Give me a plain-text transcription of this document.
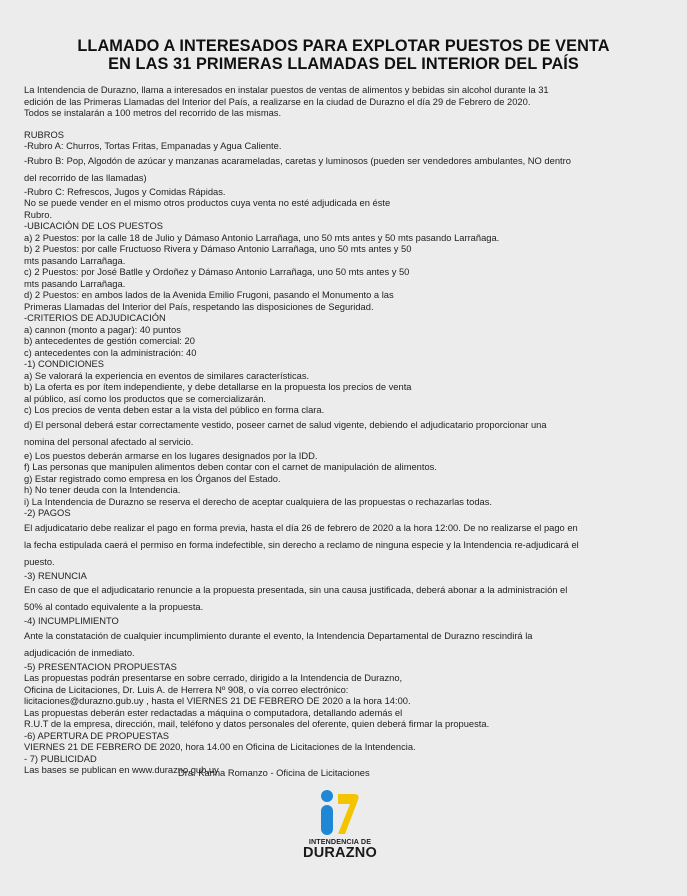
LLAMADO A INTERESADOS PARA EXPLOTAR PUESTOS DE VENTA
EN LAS 31 PRIMERAS LLAMADAS DEL INTERIOR DEL PAÍS
La Intendencia de Durazno, llama a interesados en instalar puestos de ventas de alimentos y bebidas sin alcohol durante la 31
edición de las Primeras Llamadas del Interior del País, a realizarse en la ciudad de Durazno el día 29 de Febrero de 2020.
Todos se instalarán a 100 metros del recorrido de las mismas.
RUBROS
-Rubro A: Churros, Tortas Fritas, Empanadas y Agua Caliente.
-Rubro B: Pop, Algodón de azúcar y manzanas acarameladas, caretas y luminosos (pueden ser vendedores ambulantes, NO dentro
del recorrido de las llamadas)
-Rubro C: Refrescos, Jugos y Comidas Rápidas.
No se puede vender en el mismo otros productos cuya venta no esté adjudicada en éste
Rubro.
-UBICACIÓN DE LOS PUESTOS
a) 2 Puestos: por la calle 18 de Julio y Dámaso Antonio Larrañaga, uno 50 mts antes y 50 mts pasando Larrañaga.
b) 2 Puestos: por calle Fructuoso Rivera y Dámaso Antonio Larrañaga, uno 50 mts antes y 50
mts pasando Larrañaga.
c) 2 Puestos: por José Batlle y Ordoñez y Dámaso Antonio Larrañaga, uno 50 mts antes y 50
mts pasando Larrañaga.
d) 2 Puestos: en ambos lados de la Avenida Emilio Frugoni, pasando el Monumento a las
Primeras Llamadas del Interior del País, respetando las disposiciones de Seguridad.
-CRITERIOS DE ADJUDICACIÓN
a) cannon (monto a pagar): 40 puntos
b) antecedentes de gestión comercial: 20
c) antecedentes con la administración: 40
-1) CONDICIONES
a) Se valorará la experiencia en eventos de similares características.
b) La oferta es por ítem independiente, y debe detallarse en la propuesta los precios de venta
al público, así como los productos que se comercializarán.
c) Los precios de venta deben estar a la vista del público en forma clara.
d) El personal deberá estar correctamente vestido, poseer carnet de salud vigente, debiendo el adjudicatario proporcionar una
nomina del personal afectado al servicio.
e) Los puestos deberán armarse en los lugares designados por la IDD.
f) Las personas que manipulen alimentos deben contar con el carnet de manipulación de alimentos.
g) Estar registrado como empresa en los Órganos del Estado.
h) No tener deuda con la Intendencia.
i) La Intendencia de Durazno se reserva el derecho de aceptar cualquiera de las propuestas o rechazarlas todas.
-2) PAGOS
El adjudicatario debe realizar el pago en forma previa, hasta el día 26 de febrero de 2020 a la hora 12:00. De no realizarse el pago en
la fecha estipulada caerá el permiso en forma indefectible, sin derecho a reclamo de ninguna especie y la Intendencia re-adjudicará el
puesto.
-3) RENUNCIA
En caso de que el adjudicatario renuncie a la propuesta presentada, sin una causa justificada, deberá abonar a la administración el
50% al contado equivalente a la propuesta.
-4) INCUMPLIMIENTO
Ante la constatación de cualquier incumplimiento durante el evento, la Intendencia Departamental de Durazno rescindirá la
adjudicación de inmediato.
-5) PRESENTACION PROPUESTAS
Las propuestas podrán presentarse en sobre cerrado, dirigido a la Intendencia de Durazno,
Oficina de Licitaciones, Dr. Luis A. de Herrera Nº 908, o vía correo electrónico:
licitaciones@durazno.gub.uy , hasta el VIERNES 21 DE FEBRERO DE 2020 a la hora 14:00.
Las propuestas deberán ester redactadas a máquina o computadora, detallando además el
R.U.T de la empresa, dirección, mail, teléfono y datos personales del oferente, quien deberá firmar la propuesta.
-6) APERTURA DE PROPUESTAS
VIERNES 21 DE FEBRERO DE 2020, hora 14.00 en Oficina de Licitaciones de la Intendencia.
- 7) PUBLICIDAD
Las bases se publican en www.durazno.gub.uy
Dra. Karina Romanzo - Oficina de Licitaciones
INTENDENCIA DE
DURAZNO
